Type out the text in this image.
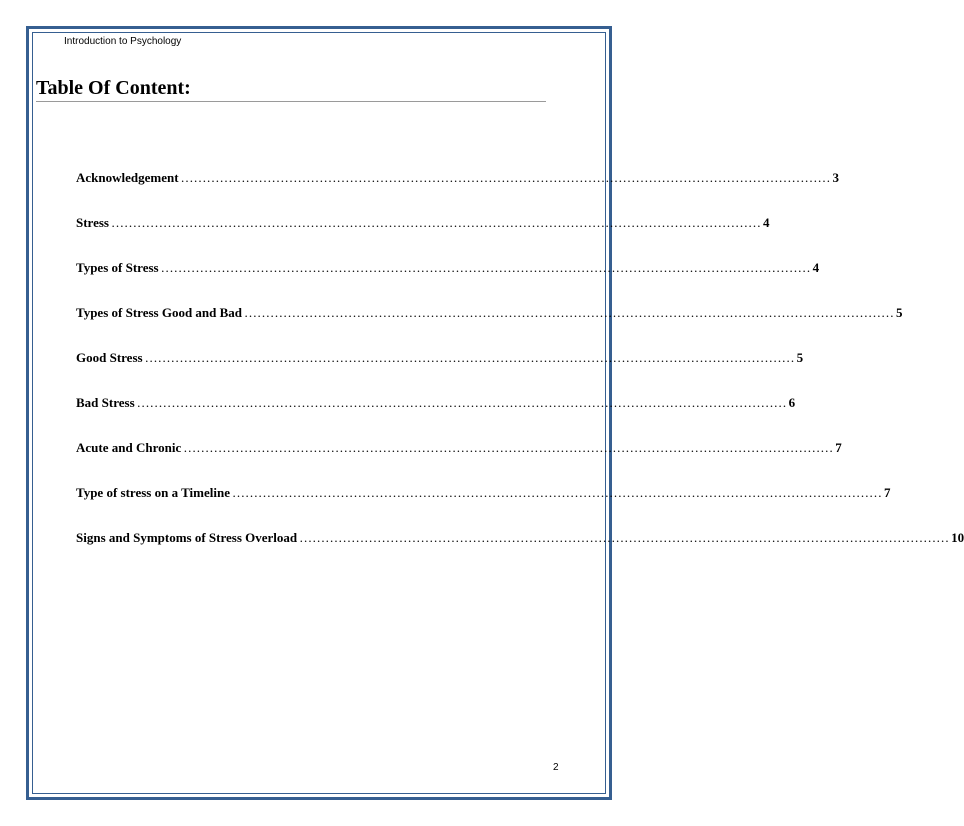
Introduction to Psychology
Table Of Content:
Acknowledgement …………………………………………………………………………………………………………………………………… 3
Stress …………………………………………………………………………………………………………………………………… 4
Types of Stress …………………………………………………………………………………………………………………………………… 4
Types of Stress Good and Bad …………………………………………………………………………………………………………………………………… 5
Good Stress …………………………………………………………………………………………………………………………………… 5
Bad Stress …………………………………………………………………………………………………………………………………… 6
Acute and Chronic …………………………………………………………………………………………………………………………………… 7
Type of stress on a Timeline …………………………………………………………………………………………………………………………………… 7
Signs and Symptoms of Stress Overload …………………………………………………………………………………………………………………………………… 10
2
